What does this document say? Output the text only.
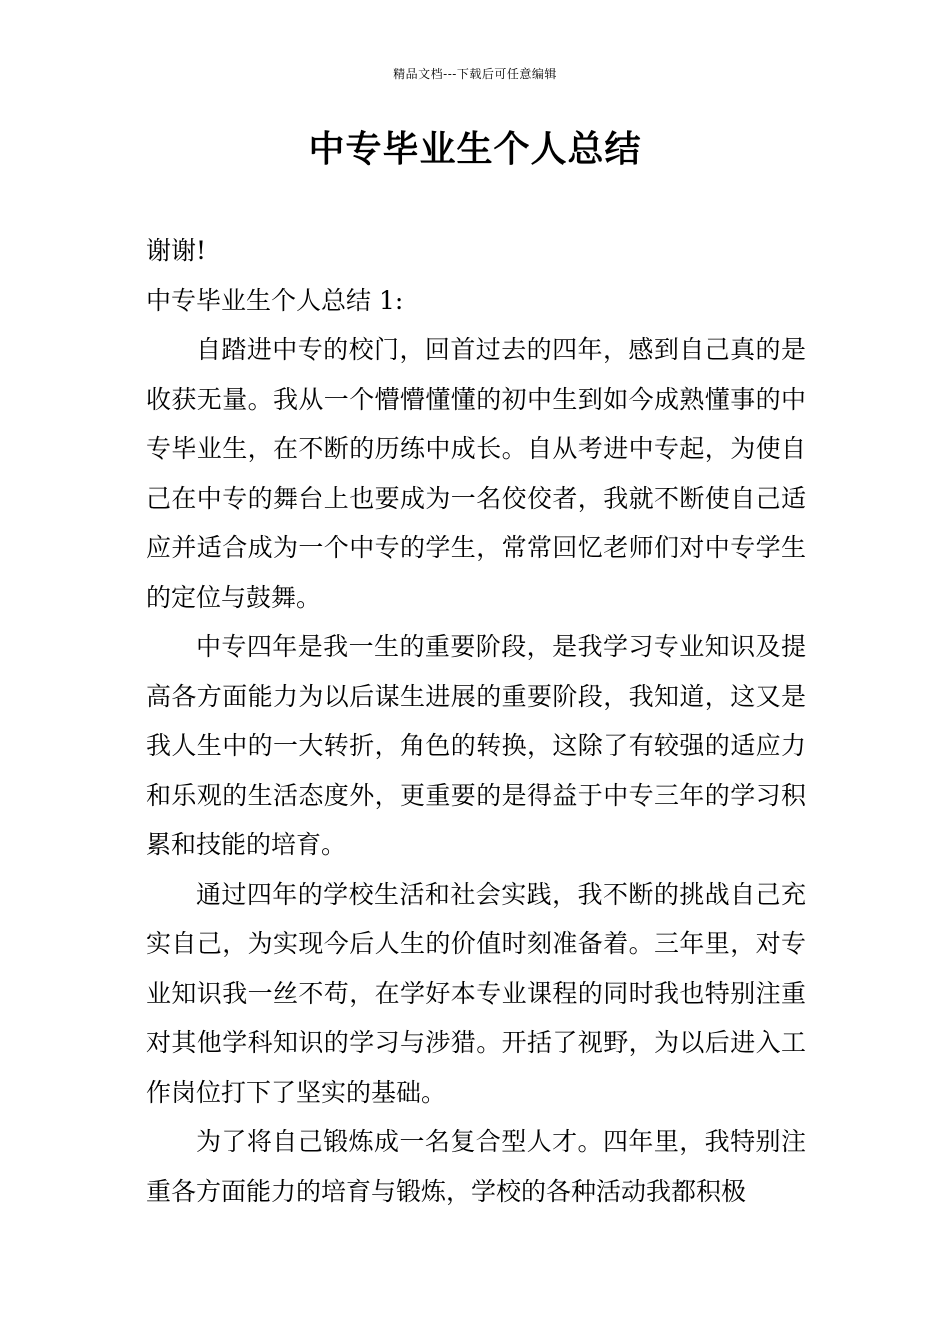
精品文档---下载后可任意编辑
中专毕业生个人总结

谢谢!

中专毕业生个人总结 1:

自踏进中专的校门，回首过去的四年，感到自己真的是收获无量。我从一个懵懵懂懂的初中生到如今成熟懂事的中专毕业生，在不断的历练中成长。自从考进中专起，为使自己在中专的舞台上也要成为一名佼佼者，我就不断使自己适应并适合成为一个中专的学生，常常回忆老师们对中专学生的定位与鼓舞。

中专四年是我一生的重要阶段，是我学习专业知识及提高各方面能力为以后谋生进展的重要阶段，我知道，这又是我人生中的一大转折，角色的转换，这除了有较强的适应力和乐观的生活态度外，更重要的是得益于中专三年的学习积累和技能的培育。

通过四年的学校生活和社会实践，我不断的挑战自己充实自己，为实现今后人生的价值时刻准备着。三年里，对专业知识我一丝不苟，在学好本专业课程的同时我也特别注重对其他学科知识的学习与涉猎。开括了视野，为以后进入工作岗位打下了坚实的基础。

为了将自己锻炼成一名复合型人才。四年里，我特别注重各方面能力的培育与锻炼，学校的各种活动我都积极
